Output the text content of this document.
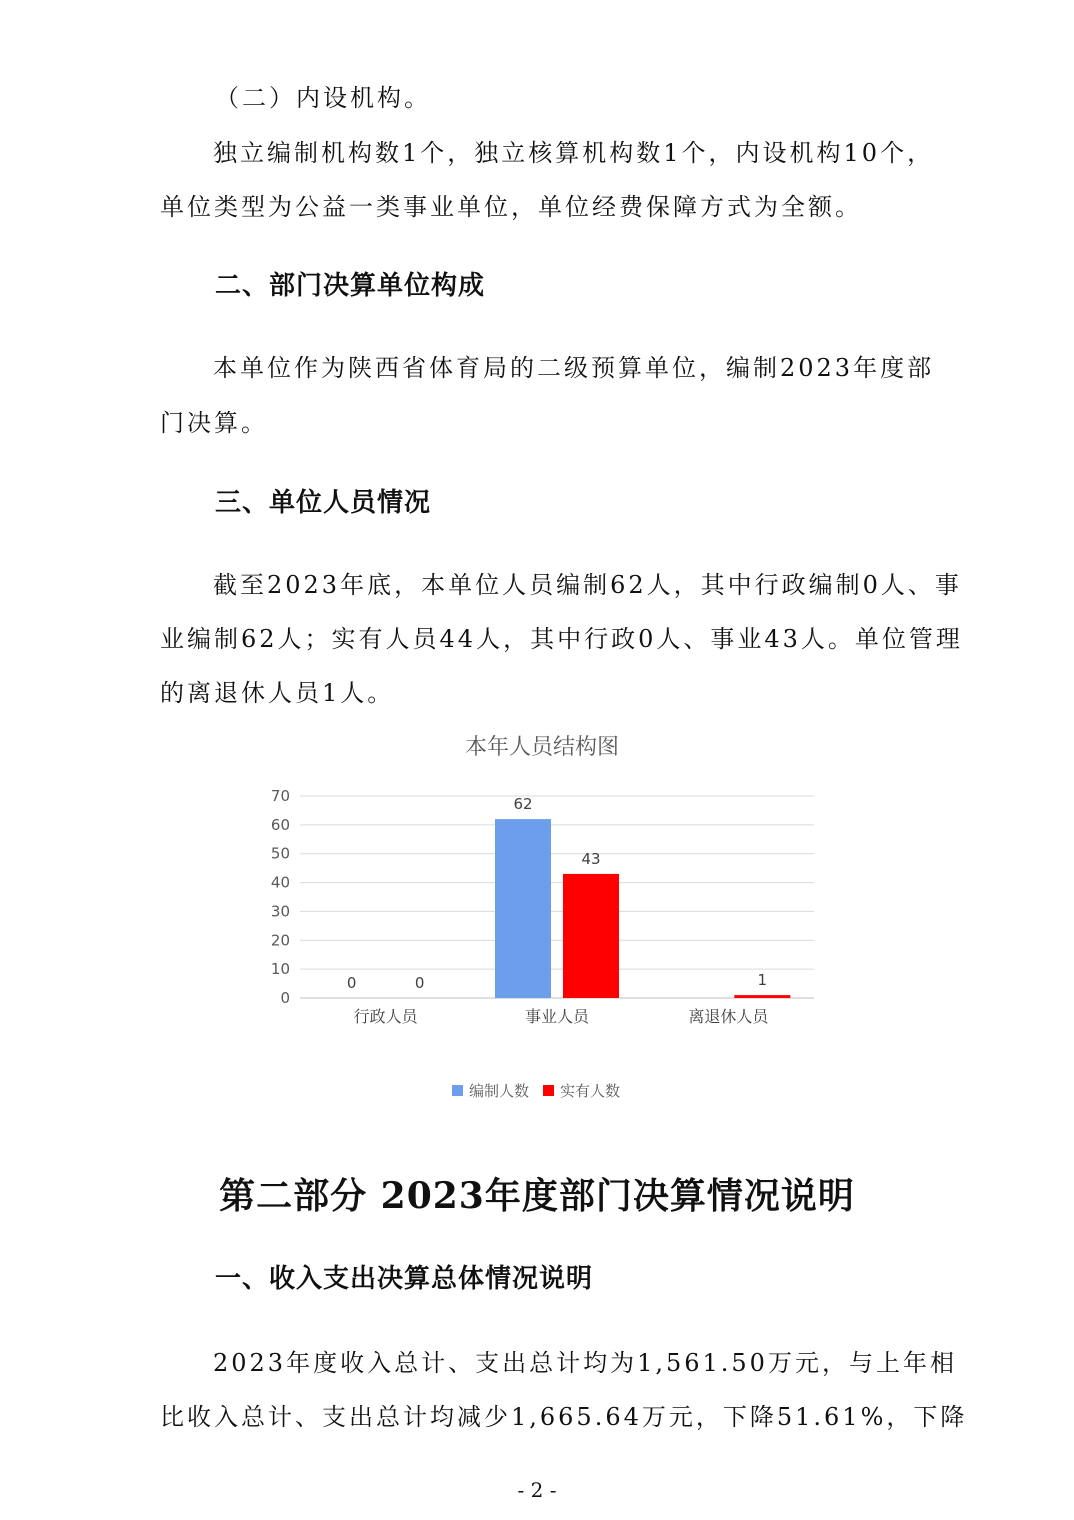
（二）内设机构。
独立编制机构数1个，独立核算机构数1个，内设机构10个，
单位类型为公益一类事业单位，单位经费保障方式为全额。
二、部门决算单位构成
本单位作为陕西省体育局的二级预算单位，编制2023年度部
门决算。
三、单位人员情况
截至2023年底，本单位人员编制62人，其中行政编制0人、事
业编制62人；实有人员44人，其中行政0人、事业43人。单位管理
的离退休人员1人。
本年人员结构图
0
10
20
30
40
50
60
70
行政人员
0	0
事业人员
62
43
离退休人员
1
编制人数 实有人数
第二部分 2023年度部门决算情况说明
一、收入支出决算总体情况说明
2023年度收入总计、支出总计均为1,561.50万元，与上年相
比收入总计、支出总计均减少1,665.64万元，下降51.61%，下降
- 2 -
